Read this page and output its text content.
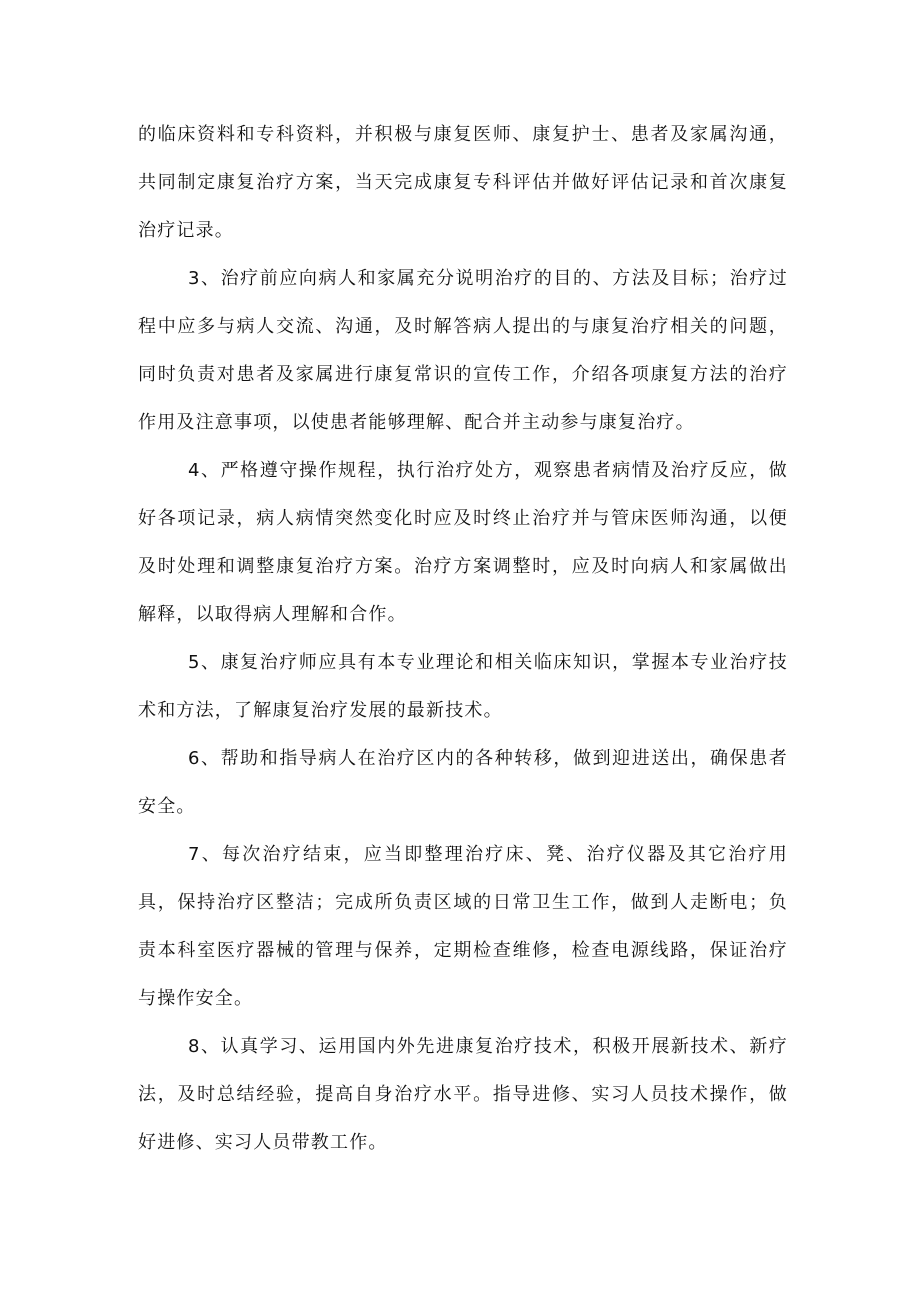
的临床资料和专科资料，并积极与康复医师、康复护士、患者及家属沟通，共同制定康复治疗方案，当天完成康复专科评估并做好评估记录和首次康复治疗记录。

3、治疗前应向病人和家属充分说明治疗的目的、方法及目标；治疗过程中应多与病人交流、沟通，及时解答病人提出的与康复治疗相关的问题，同时负责对患者及家属进行康复常识的宣传工作，介绍各项康复方法的治疗作用及注意事项，以使患者能够理解、配合并主动参与康复治疗。

4、严格遵守操作规程，执行治疗处方，观察患者病情及治疗反应，做好各项记录，病人病情突然变化时应及时终止治疗并与管床医师沟通，以便及时处理和调整康复治疗方案。治疗方案调整时，应及时向病人和家属做出解释，以取得病人理解和合作。

5、康复治疗师应具有本专业理论和相关临床知识，掌握本专业治疗技术和方法，了解康复治疗发展的最新技术。

6、帮助和指导病人在治疗区内的各种转移，做到迎进送出，确保患者安全。

7、每次治疗结束，应当即整理治疗床、凳、治疗仪器及其它治疗用具，保持治疗区整洁；完成所负责区域的日常卫生工作，做到人走断电；负责本科室医疗器械的管理与保养，定期检查维修，检查电源线路，保证治疗与操作安全。

8、认真学习、运用国内外先进康复治疗技术，积极开展新技术、新疗法，及时总结经验，提高自身治疗水平。指导进修、实习人员技术操作，做好进修、实习人员带教工作。
